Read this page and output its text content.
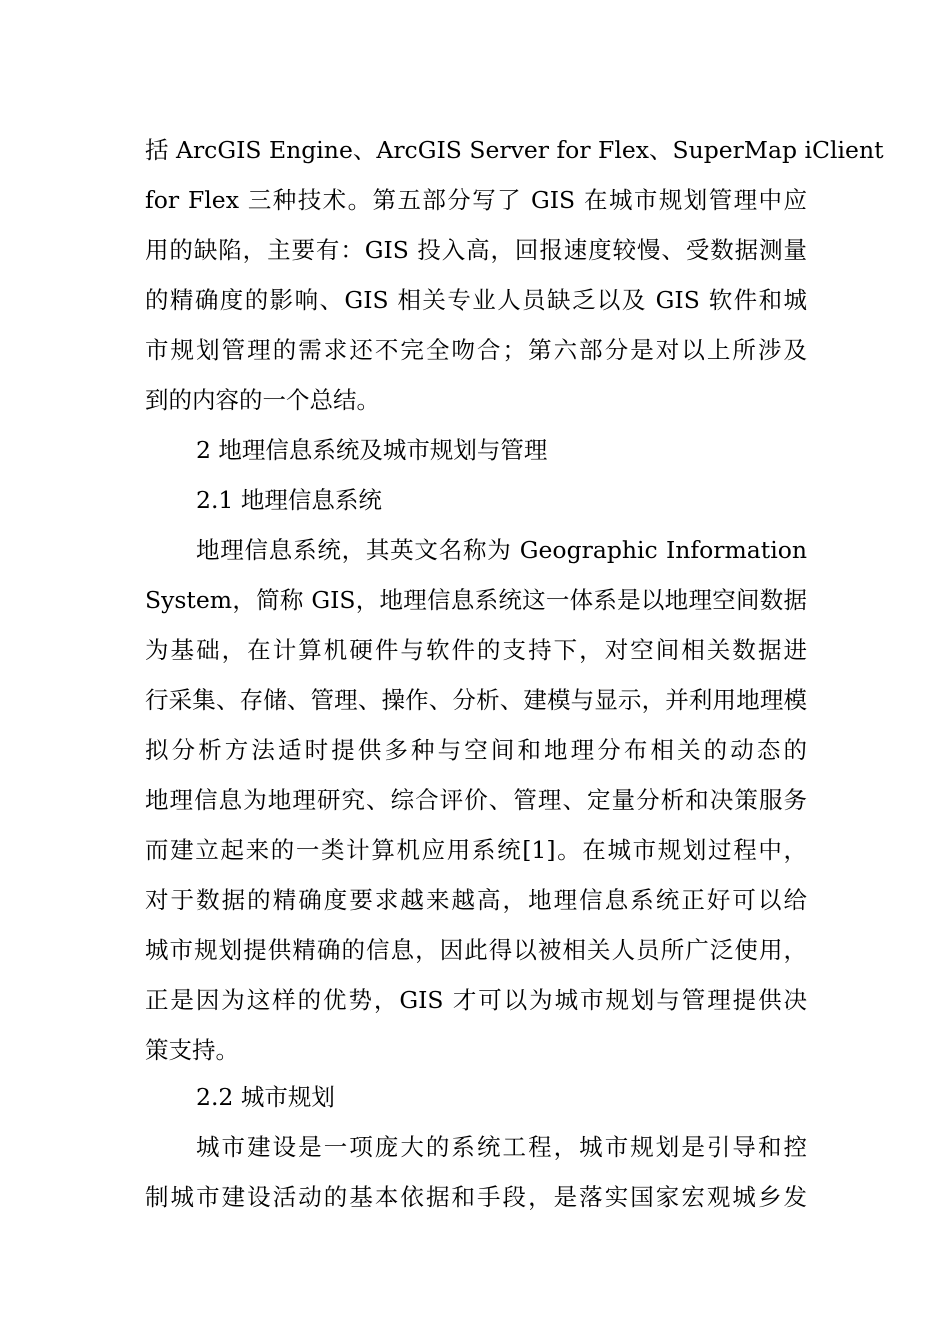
括 ArcGIS Engine、ArcGIS Server for Flex、SuperMap iClient
for Flex 三种技术。第五部分写了 GIS 在城市规划管理中应
用的缺陷，主要有：GIS 投入高，回报速度较慢、受数据测量
的精确度的影响、GIS 相关专业人员缺乏以及 GIS 软件和城
市规划管理的需求还不完全吻合；第六部分是对以上所涉及
到的内容的一个总结。
2 地理信息系统及城市规划与管理
2.1 地理信息系统
地理信息系统，其英文名称为 Geographic Information
System，简称 GIS，地理信息系统这一体系是以地理空间数据
为基础，在计算机硬件与软件的支持下，对空间相关数据进
行采集、存储、管理、操作、分析、建模与显示，并利用地理模
拟分析方法适时提供多种与空间和地理分布相关的动态的
地理信息为地理研究、综合评价、管理、定量分析和决策服务
而建立起来的一类计算机应用系统[1]。在城市规划过程中，
对于数据的精确度要求越来越高，地理信息系统正好可以给
城市规划提供精确的信息，因此得以被相关人员所广泛使用，
正是因为这样的优势，GIS 才可以为城市规划与管理提供决
策支持。
2.2 城市规划
城市建设是一项庞大的系统工程，城市规划是引导和控
制城市建设活动的基本依据和手段，是落实国家宏观城乡发
